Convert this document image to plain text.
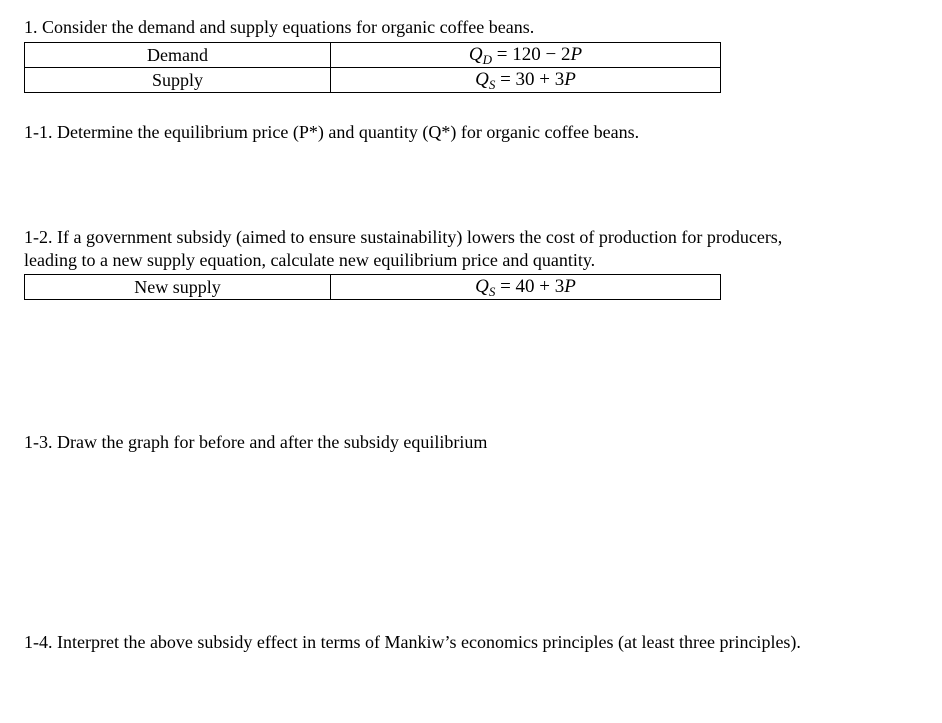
1. Consider the demand and supply equations for organic coffee beans.
Demand	$Q_D = 120 - 2P$
Supply	$Q_S = 30 + 3P$
1-1. Determine the equilibrium price (P*) and quantity (Q*) for organic coffee beans.
1-2. If a government subsidy (aimed to ensure sustainability) lowers the cost of production for producers,
leading to a new supply equation, calculate new equilibrium price and quantity.
New supply	$Q_S = 40 + 3P$
1-3. Draw the graph for before and after the subsidy equilibrium
1-4. Interpret the above subsidy effect in terms of Mankiw’s economics principles (at least three principles).
